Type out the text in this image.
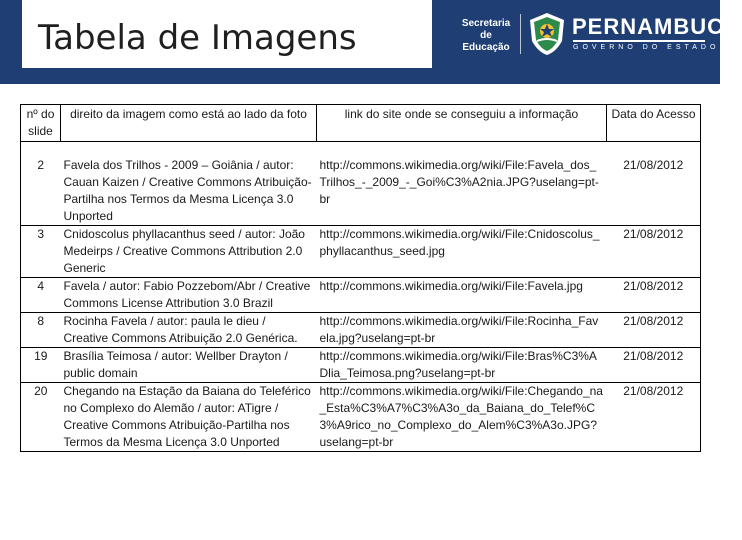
Tabela de Imagens	Secretaria de
Educação
PERNAMBUCO
GOVERNO DO ESTADO
nº do slide	direito da imagem como está ao lado da foto	link do site onde se conseguiu a informação	Data do Acesso
2	Favela dos Trilhos - 2009 – Goiânia / autor: Cauan Kaizen / Creative Commons Atribuição-Partilha nos Termos da Mesma Licença 3.0 Unported	http://commons.wikimedia.org/wiki/File:Favela_dos_Trilhos_-_2009_-_Goi%C3%A2nia.JPG?uselang=pt-br	21/08/2012
3	Cnidoscolus phyllacanthus seed / autor: João Medeirps / Creative Commons Attribution 2.0 Generic	http://commons.wikimedia.org/wiki/File:Cnidoscolus_phyllacanthus_seed.jpg	21/08/2012
4	Favela / autor: Fabio Pozzebom/Abr / Creative Commons License Attribution 3.0 Brazil	http://commons.wikimedia.org/wiki/File:Favela.jpg	21/08/2012
8	Rocinha Favela / autor: paula le dieu / Creative Commons Atribuição 2.0 Genérica.	http://commons.wikimedia.org/wiki/File:Rocinha_Favela.jpg?uselang=pt-br	21/08/2012
19	Brasília Teimosa / autor: Wellber Drayton / public domain	http://commons.wikimedia.org/wiki/File:Bras%C3%ADlia_Teimosa.png?uselang=pt-br	21/08/2012
20	Chegando na Estação da Baiana do Teleférico no Complexo do Alemão / autor: ATigre / Creative Commons Atribuição-Partilha nos Termos da Mesma Licença 3.0 Unported	http://commons.wikimedia.org/wiki/File:Chegando_na_Esta%C3%A7%C3%A3o_da_Baiana_do_Telef%C3%A9rico_no_Complexo_do_Alem%C3%A3o.JPG?uselang=pt-br	21/08/2012
